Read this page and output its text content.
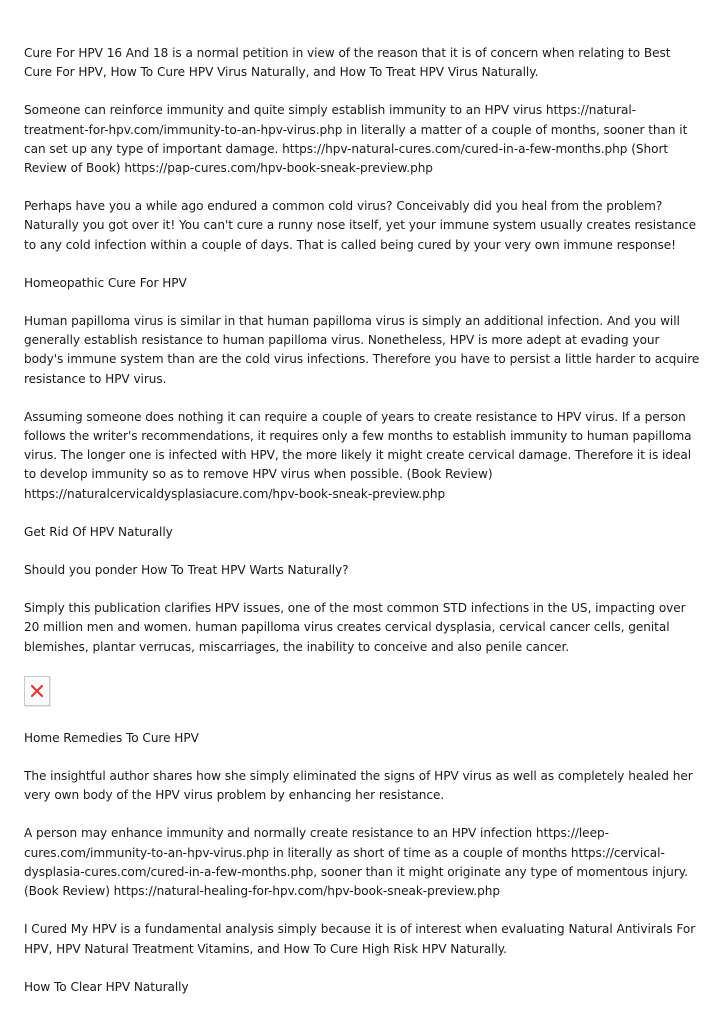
Cure For HPV 16 And 18 is a normal petition in view of the reason that it is of concern when relating to Best Cure For HPV, How To Cure HPV Virus Naturally, and How To Treat HPV Virus Naturally.

Someone can reinforce immunity and quite simply establish immunity to an HPV virus https://natural-treatment-for-hpv.com/immunity-to-an-hpv-virus.php in literally a matter of a couple of months, sooner than it can set up any type of important damage. https://hpv-natural-cures.com/cured-in-a-few-months.php (Short Review of Book) https://pap-cures.com/hpv-book-sneak-preview.php

Perhaps have you a while ago endured a common cold virus? Conceivably did you heal from the problem? Naturally you got over it! You can't cure a runny nose itself, yet your immune system usually creates resistance to any cold infection within a couple of days. That is called being cured by your very own immune response!

Homeopathic Cure For HPV

Human papilloma virus is similar in that human papilloma virus is simply an additional infection. And you will generally establish resistance to human papilloma virus. Nonetheless, HPV is more adept at evading your body's immune system than are the cold virus infections. Therefore you have to persist a little harder to acquire resistance to HPV virus.

Assuming someone does nothing it can require a couple of years to create resistance to HPV virus. If a person follows the writer's recommendations, it requires only a few months to establish immunity to human papilloma virus. The longer one is infected with HPV, the more likely it might create cervical damage. Therefore it is ideal to develop immunity so as to remove HPV virus when possible. (Book Review) https://naturalcervicaldysplasiacure.com/hpv-book-sneak-preview.php

Get Rid Of HPV Naturally

Should you ponder How To Treat HPV Warts Naturally?

Simply this publication clarifies HPV issues, one of the most common STD infections in the US, impacting over 20 million men and women. human papilloma virus creates cervical dysplasia, cervical cancer cells, genital blemishes, plantar verrucas, miscarriages, the inability to conceive and also penile cancer.

Home Remedies To Cure HPV

The insightful author shares how she simply eliminated the signs of HPV virus as well as completely healed her very own body of the HPV virus problem by enhancing her resistance.

A person may enhance immunity and normally create resistance to an HPV infection https://leep-cures.com/immunity-to-an-hpv-virus.php in literally as short of time as a couple of months https://cervical-dysplasia-cures.com/cured-in-a-few-months.php, sooner than it might originate any type of momentous injury. (Book Review) https://natural-healing-for-hpv.com/hpv-book-sneak-preview.php

I Cured My HPV is a fundamental analysis simply because it is of interest when evaluating Natural Antivirals For HPV, HPV Natural Treatment Vitamins, and How To Cure High Risk HPV Naturally.

How To Clear HPV Naturally
